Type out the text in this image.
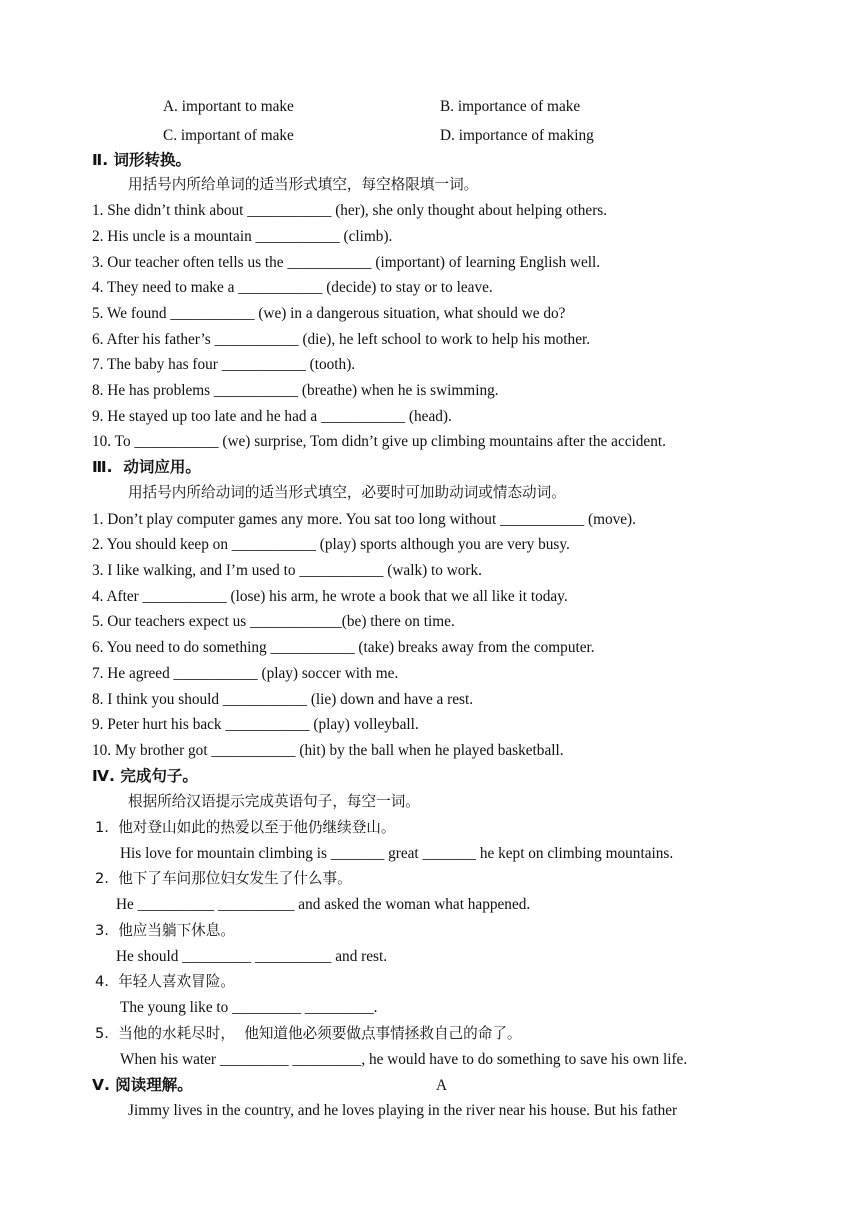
A. important to make	B. importance of make
C. important of make	D. importance of making
Ⅱ. 词形转换。
用括号内所给单词的适当形式填空，每空格限填一词。
1. She didn’t think about ___________ (her), she only thought about helping others.
2. His uncle is a mountain ___________ (climb).
3. Our teacher often tells us the ___________ (important) of learning English well.
4. They need to make a ___________ (decide) to stay or to leave.
5. We found ___________ (we) in a dangerous situation, what should we do?
6. After his father’s ___________ (die), he left school to work to help his mother.
7. The baby has four ___________ (tooth).
8. He has problems ___________ (breathe) when he is swimming.
9. He stayed up too late and he had a ___________ (head).
10. To ___________ (we) surprise, Tom didn’t give up climbing mountains after the accident.
Ⅲ.  动词应用。
用括号内所给动词的适当形式填空，必要时可加助动词或情态动词。
1. Don’t play computer games any more. You sat too long without ___________ (move).
2. You should keep on ___________ (play) sports although you are very busy.
3. I like walking, and I’m used to ___________ (walk) to work.
4. After ___________ (lose) his arm, he wrote a book that we all like it today.
5. Our teachers expect us ____________(be) there on time.
6. You need to do something ___________ (take) breaks away from the computer.
7. He agreed ___________ (play) soccer with me.
8. I think you should ___________ (lie) down and have a rest.
9. Peter hurt his back ___________ (play) volleyball.
10. My brother got ___________ (hit) by the ball when he played basketball.
Ⅳ. 完成句子。
根据所给汉语提示完成英语句子，每空一词。
1.  他对登山如此的热爱以至于他仍继续登山。
His love for mountain climbing is _______ great _______ he kept on climbing mountains.
2.  他下了车问那位妇女发生了什么事。
He __________ __________ and asked the woman what happened.
3.  他应当躺下休息。
He should _________ __________ and rest.
4.  年轻人喜欢冒险。
The young like to _________ _________.
5.  当他的水耗尽时，  他知道他必须要做点事情拯救自己的命了。
When his water _________ _________, he would have to do something to save his own life.
Ⅴ. 阅读理解。	A
Jimmy lives in the country, and he loves playing in the river near his house. But his father
